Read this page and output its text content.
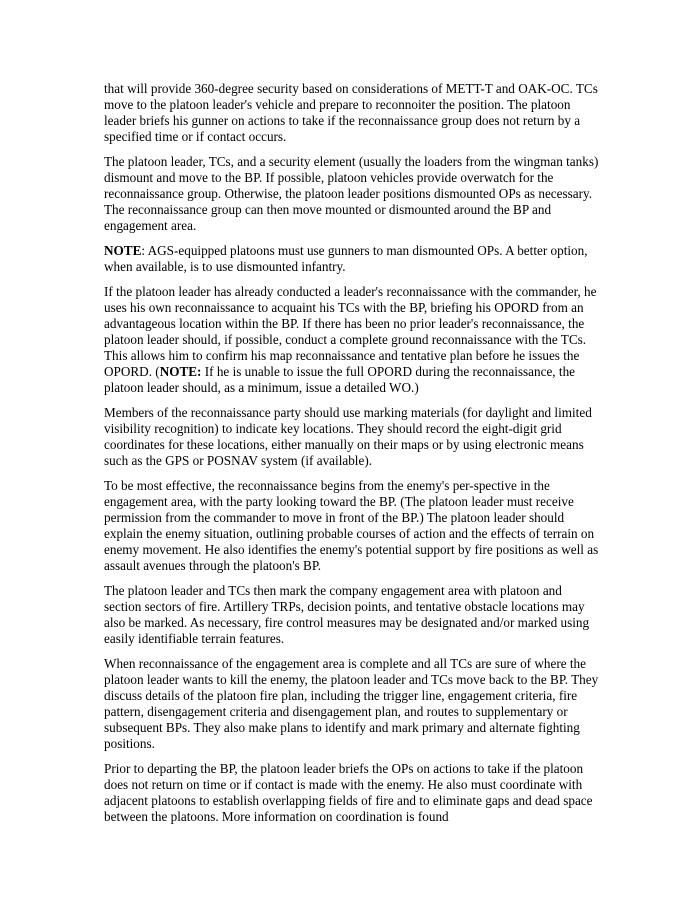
that will provide 360-degree security based on considerations of METT-T and OAK-OC. TCs move to the platoon leader's vehicle and prepare to reconnoiter the position. The platoon leader briefs his gunner on actions to take if the reconnaissance group does not return by a specified time or if contact occurs.

The platoon leader, TCs, and a security element (usually the loaders from the wingman tanks) dismount and move to the BP. If possible, platoon vehicles provide overwatch for the reconnaissance group. Otherwise, the platoon leader positions dismounted OPs as necessary. The reconnaissance group can then move mounted or dismounted around the BP and engagement area.

NOTE: AGS-equipped platoons must use gunners to man dismounted OPs. A better option, when available, is to use dismounted infantry.

If the platoon leader has already conducted a leader's reconnaissance with the commander, he uses his own reconnaissance to acquaint his TCs with the BP, briefing his OPORD from an advantageous location within the BP. If there has been no prior leader's reconnaissance, the platoon leader should, if possible, conduct a complete ground reconnaissance with the TCs. This allows him to confirm his map reconnaissance and tentative plan before he issues the OPORD. (NOTE: If he is unable to issue the full OPORD during the reconnaissance, the platoon leader should, as a minimum, issue a detailed WO.)

Members of the reconnaissance party should use marking materials (for daylight and limited visibility recognition) to indicate key locations. They should record the eight-digit grid coordinates for these locations, either manually on their maps or by using electronic means such as the GPS or POSNAV system (if available).

To be most effective, the reconnaissance begins from the enemy's per-spective in the engagement area, with the party looking toward the BP. (The platoon leader must receive permission from the commander to move in front of the BP.) The platoon leader should explain the enemy situation, outlining probable courses of action and the effects of terrain on enemy movement. He also identifies the enemy's potential support by fire positions as well as assault avenues through the platoon's BP.

The platoon leader and TCs then mark the company engagement area with platoon and section sectors of fire. Artillery TRPs, decision points, and tentative obstacle locations may also be marked. As necessary, fire control measures may be designated and/or marked using easily identifiable terrain features.

When reconnaissance of the engagement area is complete and all TCs are sure of where the platoon leader wants to kill the enemy, the platoon leader and TCs move back to the BP. They discuss details of the platoon fire plan, including the trigger line, engagement criteria, fire pattern, disengagement criteria and disengagement plan, and routes to supplementary or subsequent BPs. They also make plans to identify and mark primary and alternate fighting positions.

Prior to departing the BP, the platoon leader briefs the OPs on actions to take if the platoon does not return on time or if contact is made with the enemy. He also must coordinate with adjacent platoons to establish overlapping fields of fire and to eliminate gaps and dead space between the platoons. More information on coordination is found
